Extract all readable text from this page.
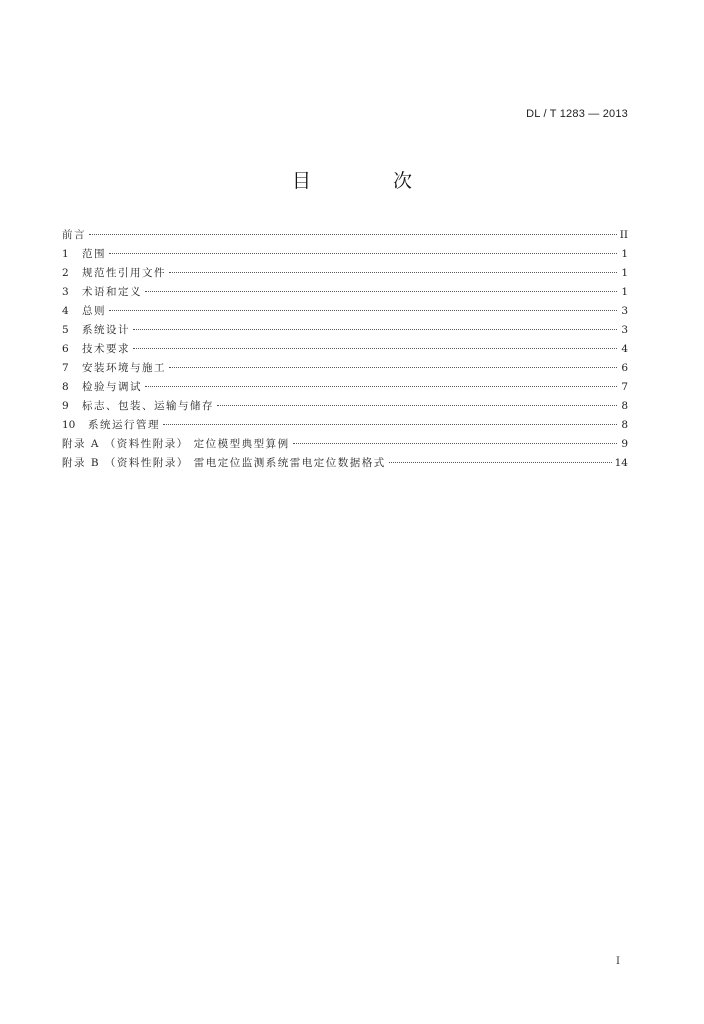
DL / T 1283 — 2013
目 次
前言	II
1	范围	1
2	规范性引用文件	1
3	术语和定义	1
4	总则	3
5	系统设计	3
6	技术要求	4
7	安装环境与施工	6
8	检验与调试	7
9	标志、包装、运输与储存	8
10	系统运行管理	8
附录 A （资料性附录） 定位模型典型算例	9
附录 B （资料性附录） 雷电定位监测系统雷电定位数据格式	14
I
